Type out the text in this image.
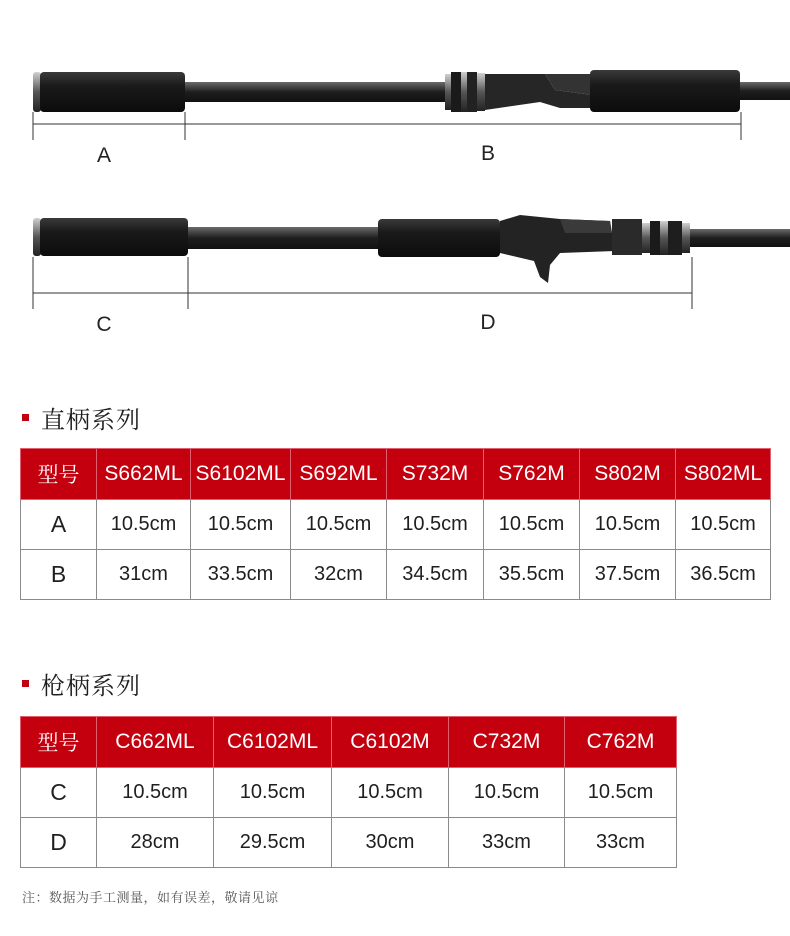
A	B
C	D
直柄系列
型号	S662ML	S6102ML	S692ML	S732M	S762M	S802M	S802ML
A	10.5cm	10.5cm	10.5cm	10.5cm	10.5cm	10.5cm	10.5cm
B	31cm	33.5cm	32cm	34.5cm	35.5cm	37.5cm	36.5cm
枪柄系列
型号	C662ML	C6102ML	C6102M	C732M	C762M
C	10.5cm	10.5cm	10.5cm	10.5cm	10.5cm
D	28cm	29.5cm	30cm	33cm	33cm
注：数据为手工测量，如有误差，敬请见谅
